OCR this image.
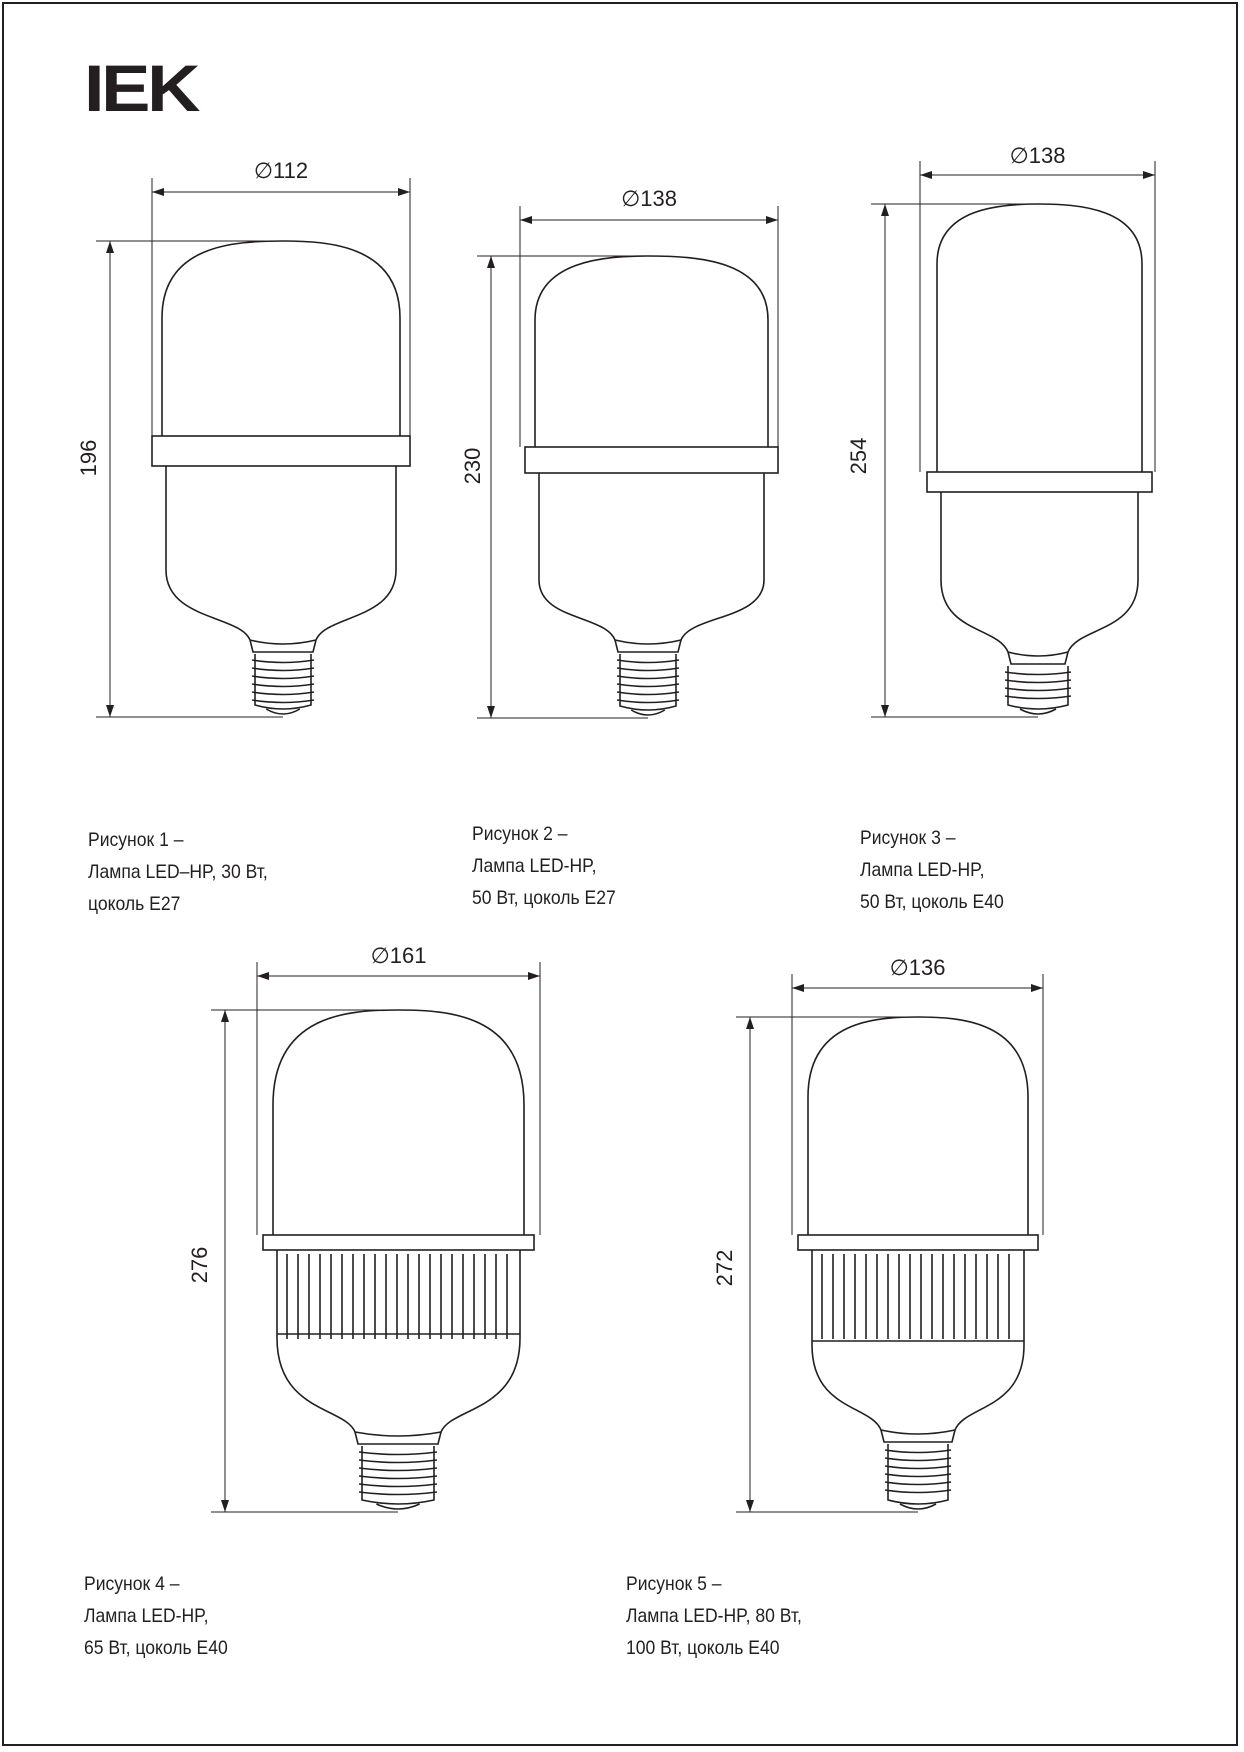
IEK
∅112
196
∅138
230
∅138
254
∅161
276
∅136
272
Рисунок 1 –
Лампа LED–HP, 30 Вт,
цоколь E27
Рисунок 2 –
Лампа LED-HP,
50 Вт, цоколь E27
Рисунок 3 –
Лампа LED-HP,
50 Вт, цоколь E40
Рисунок 4 –
Лампа LED-HP,
65 Вт, цоколь E40
Рисунок 5 –
Лампа LED-HP, 80 Вт,
100 Вт, цоколь E40
